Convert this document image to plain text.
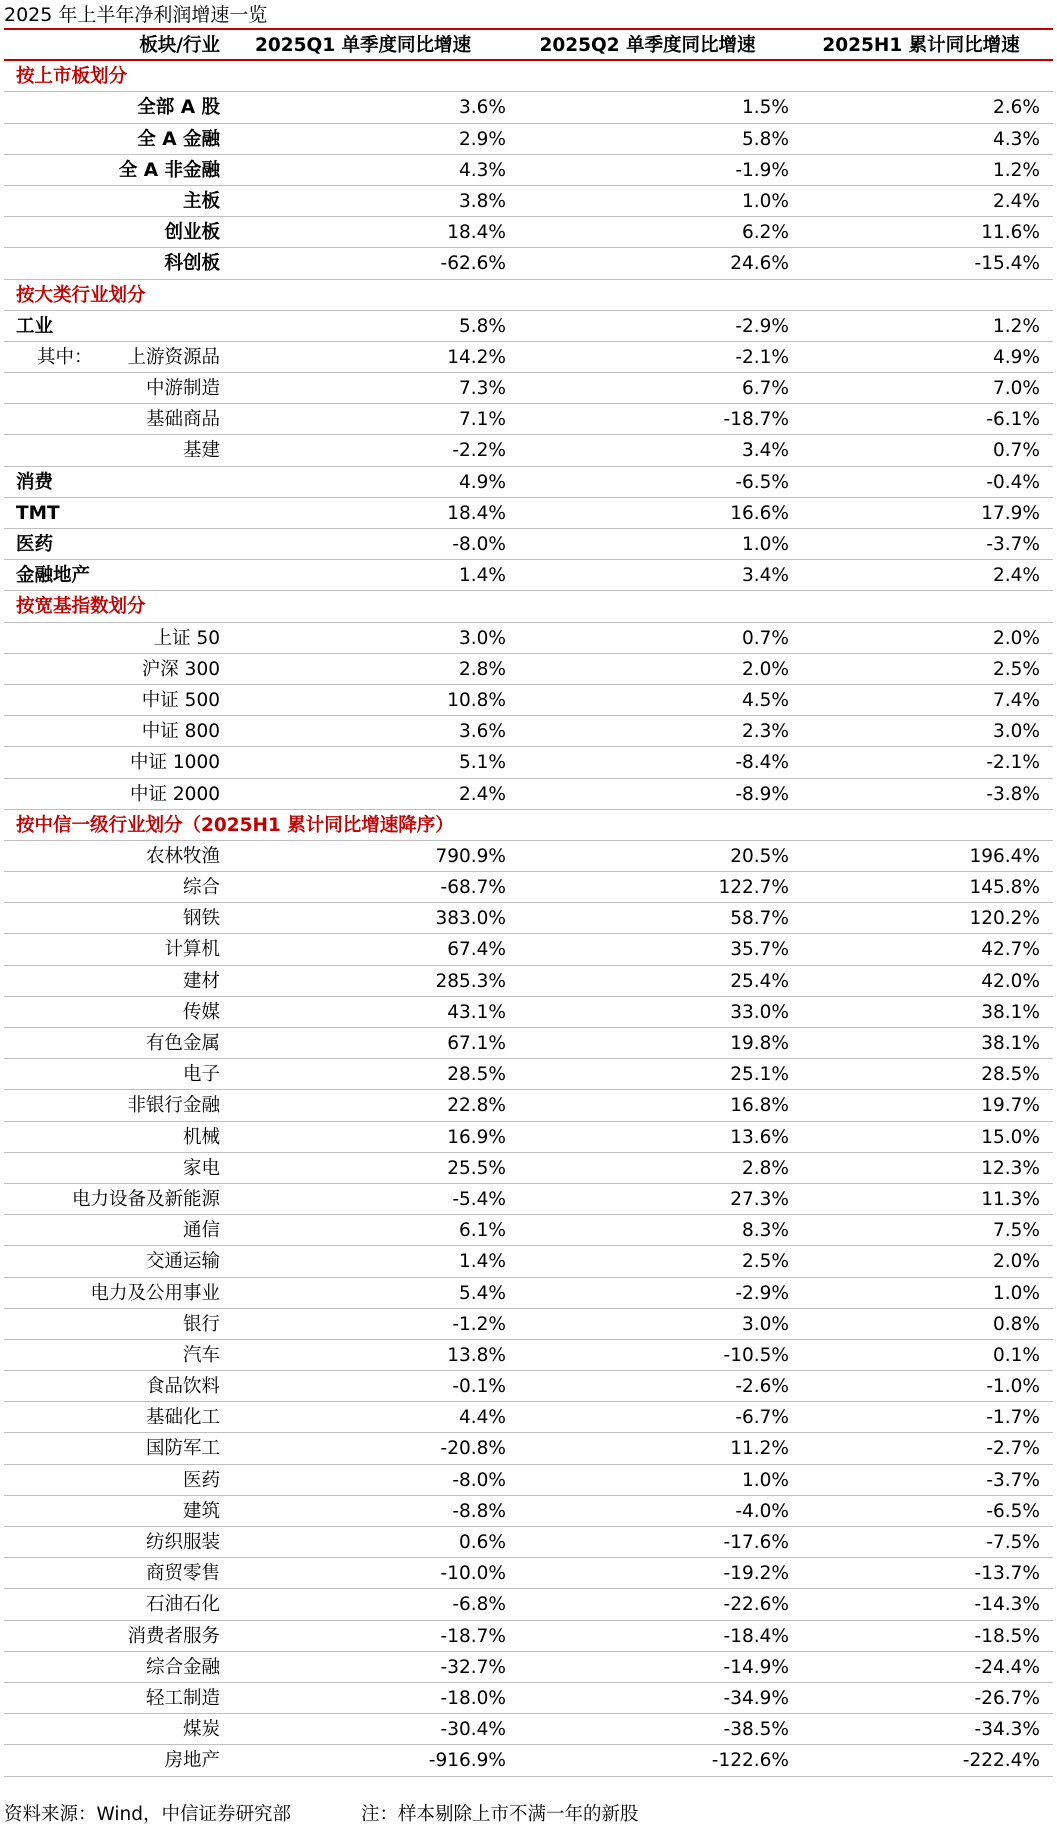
2025 年上半年净利润增速一览
板块/行业	2025Q1 单季度同比增速	2025Q2 单季度同比增速	2025H1 累计同比增速
按上市板划分
全部 A 股	3.6%	1.5%	2.6%
全 A 金融	2.9%	5.8%	4.3%
全 A 非金融	4.3%	-1.9%	1.2%
主板	3.8%	1.0%	2.4%
创业板	18.4%	6.2%	11.6%
科创板	-62.6%	24.6%	-15.4%
按大类行业划分
工业	5.8%	-2.9%	1.2%
其中：	上游资源品	14.2%	-2.1%	4.9%
中游制造	7.3%	6.7%	7.0%
基础商品	7.1%	-18.7%	-6.1%
基建	-2.2%	3.4%	0.7%
消费	4.9%	-6.5%	-0.4%
TMT	18.4%	16.6%	17.9%
医药	-8.0%	1.0%	-3.7%
金融地产	1.4%	3.4%	2.4%
按宽基指数划分
上证 50	3.0%	0.7%	2.0%
沪深 300	2.8%	2.0%	2.5%
中证 500	10.8%	4.5%	7.4%
中证 800	3.6%	2.3%	3.0%
中证 1000	5.1%	-8.4%	-2.1%
中证 2000	2.4%	-8.9%	-3.8%
按中信一级行业划分（2025H1 累计同比增速降序）
农林牧渔	790.9%	20.5%	196.4%
综合	-68.7%	122.7%	145.8%
钢铁	383.0%	58.7%	120.2%
计算机	67.4%	35.7%	42.7%
建材	285.3%	25.4%	42.0%
传媒	43.1%	33.0%	38.1%
有色金属	67.1%	19.8%	38.1%
电子	28.5%	25.1%	28.5%
非银行金融	22.8%	16.8%	19.7%
机械	16.9%	13.6%	15.0%
家电	25.5%	2.8%	12.3%
电力设备及新能源	-5.4%	27.3%	11.3%
通信	6.1%	8.3%	7.5%
交通运输	1.4%	2.5%	2.0%
电力及公用事业	5.4%	-2.9%	1.0%
银行	-1.2%	3.0%	0.8%
汽车	13.8%	-10.5%	0.1%
食品饮料	-0.1%	-2.6%	-1.0%
基础化工	4.4%	-6.7%	-1.7%
国防军工	-20.8%	11.2%	-2.7%
医药	-8.0%	1.0%	-3.7%
建筑	-8.8%	-4.0%	-6.5%
纺织服装	0.6%	-17.6%	-7.5%
商贸零售	-10.0%	-19.2%	-13.7%
石油石化	-6.8%	-22.6%	-14.3%
消费者服务	-18.7%	-18.4%	-18.5%
综合金融	-32.7%	-14.9%	-24.4%
轻工制造	-18.0%	-34.9%	-26.7%
煤炭	-30.4%	-38.5%	-34.3%
房地产	-916.9%	-122.6%	-222.4%
资料来源：Wind，中信证券研究部	注：样本剔除上市不满一年的新股
